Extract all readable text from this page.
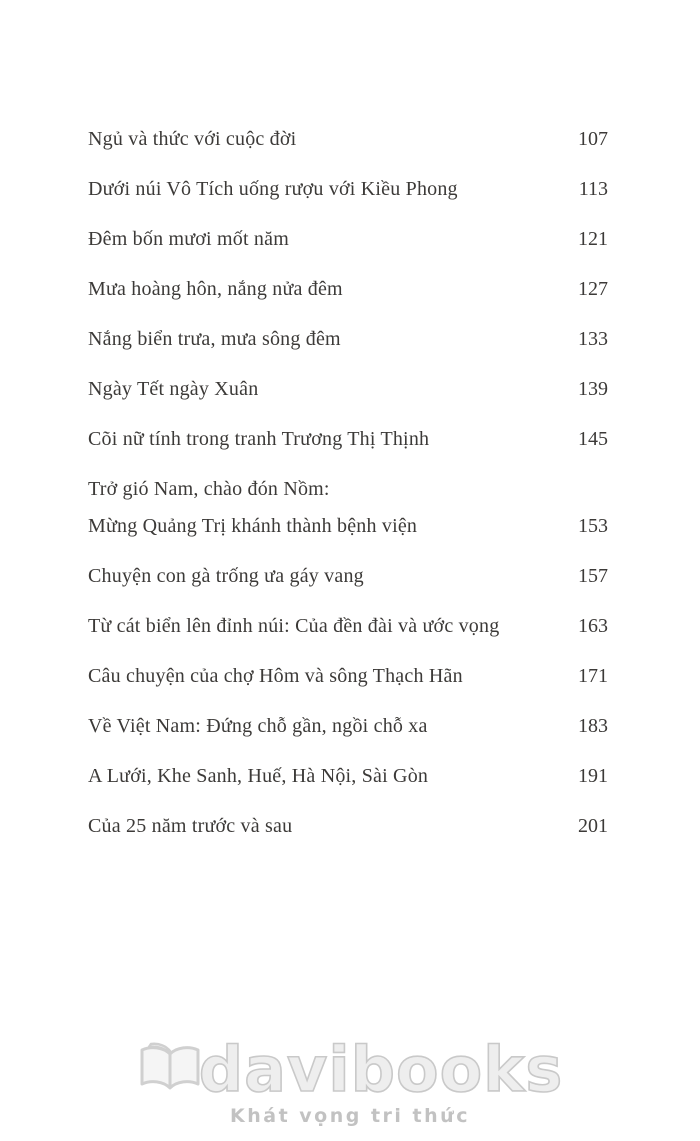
Ngủ và thức với cuộc đời	107
Dưới núi Vô Tích uống rượu với Kiều Phong	113
Đêm bốn mươi mốt năm	121
Mưa hoàng hôn, nắng nửa đêm	127
Nắng biển trưa, mưa sông đêm	133
Ngày Tết ngày Xuân	139
Cõi nữ tính trong tranh Trương Thị Thịnh	145
Trở gió Nam, chào đón Nồm:
Mừng Quảng Trị khánh thành bệnh viện	153
Chuyện con gà trống ưa gáy vang	157
Từ cát biển lên đỉnh núi: Của đền đài và ước vọng	163
Câu chuyện của chợ Hôm và sông Thạch Hãn	171
Về Việt Nam: Đứng chỗ gần, ngồi chỗ xa	183
A Lưới, Khe Sanh, Huế, Hà Nội, Sài Gòn	191
Của 25 năm trước và sau	201
davibooks
Khát vọng tri thức
